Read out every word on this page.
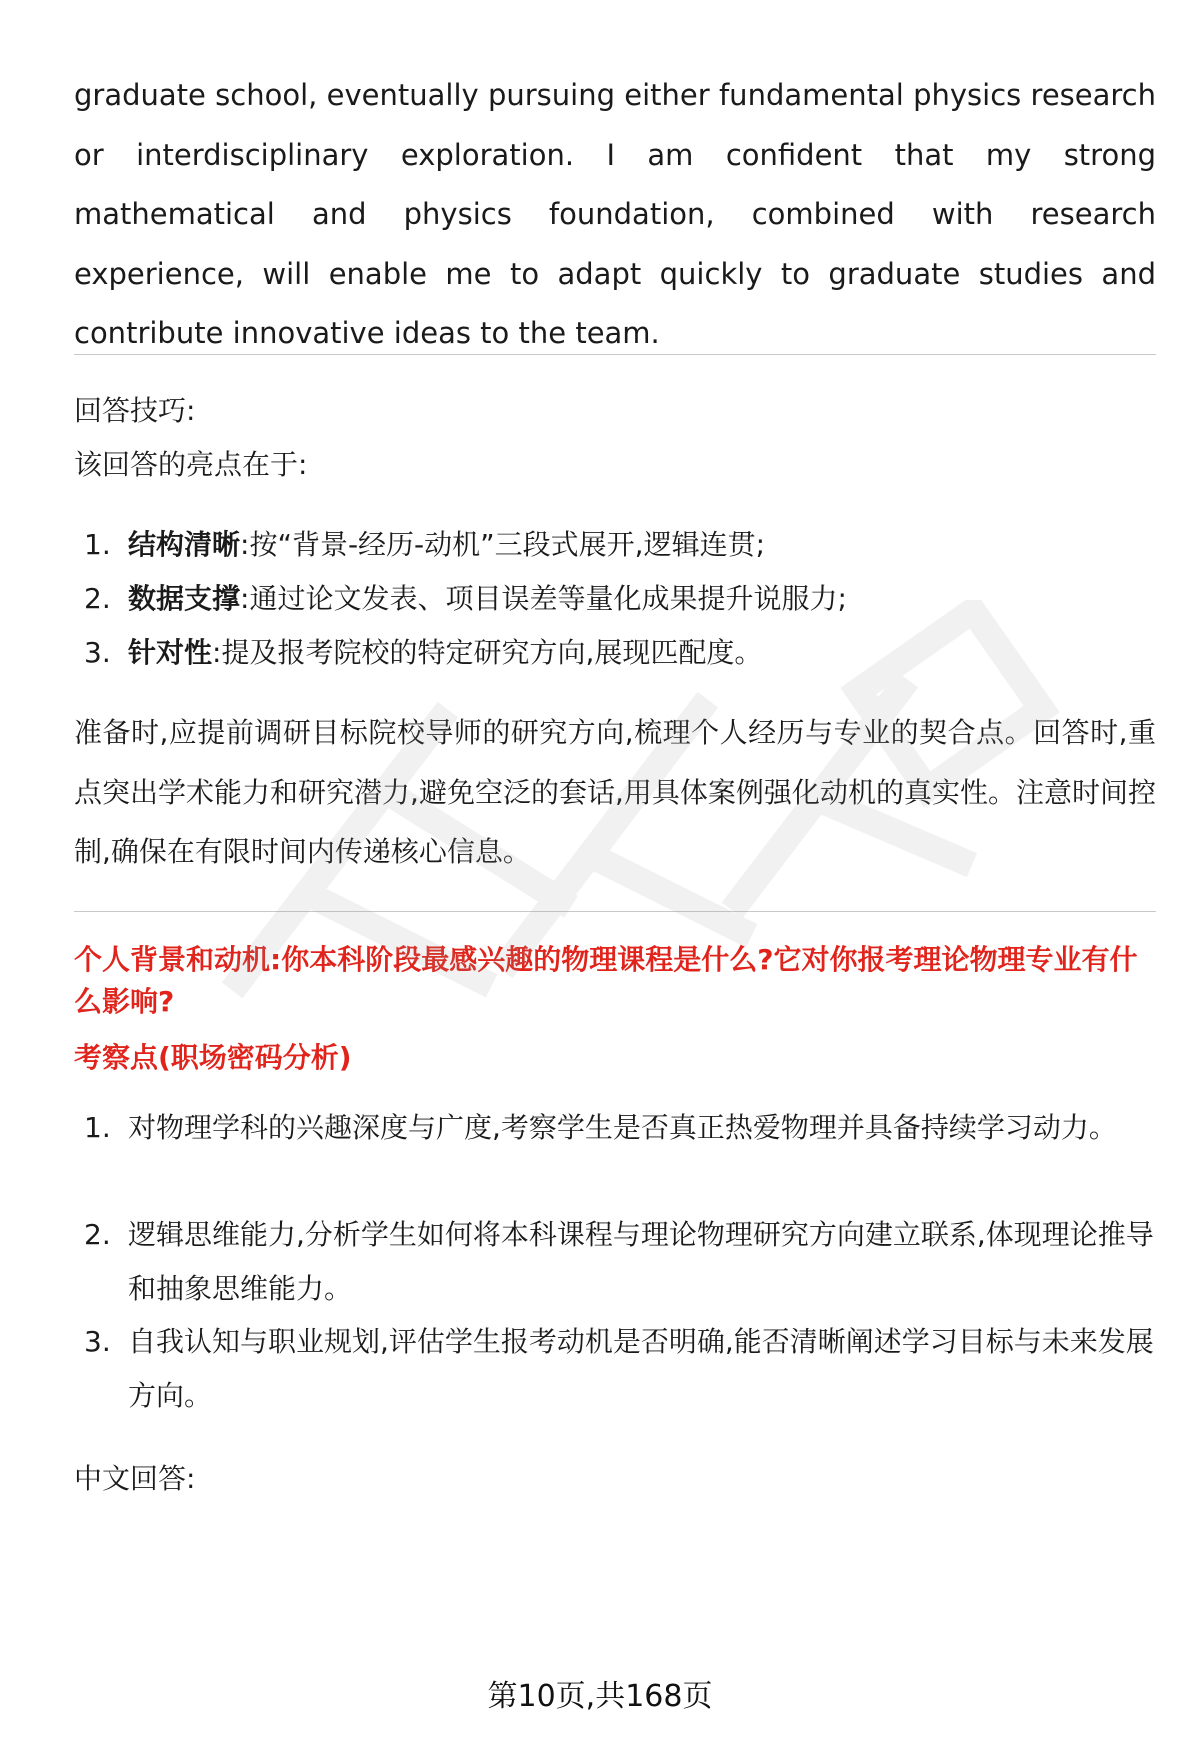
graduate school, eventually pursuing either fundamental physics research or interdisciplinary exploration. I am confident that my strong mathematical and physics foundation, combined with research experience, will enable me to adapt quickly to graduate studies and contribute innovative ideas to the team.

回答技巧:

该回答的亮点在于:

1. 结构清晰:按“背景-经历-动机”三段式展开,逻辑连贯;
2. 数据支撑:通过论文发表、项目误差等量化成果提升说服力;
3. 针对性:提及报考院校的特定研究方向,展现匹配度。

准备时,应提前调研目标院校导师的研究方向,梳理个人经历与专业的契合点。回答时,重点突出学术能力和研究潜力,避免空泛的套话,用具体案例强化动机的真实性。注意时间控制,确保在有限时间内传递核心信息。

个人背景和动机:你本科阶段最感兴趣的物理课程是什么?它对你报考理论物理专业有什么影响?

考察点(职场密码分析)

1. 对物理学科的兴趣深度与广度,考察学生是否真正热爱物理并具备持续学习动力。
2. 逻辑思维能力,分析学生如何将本科课程与理论物理研究方向建立联系,体现理论推导和抽象思维能力。
3. 自我认知与职业规划,评估学生报考动机是否明确,能否清晰阐述学习目标与未来发展方向。

中文回答:

第10页,共168页
